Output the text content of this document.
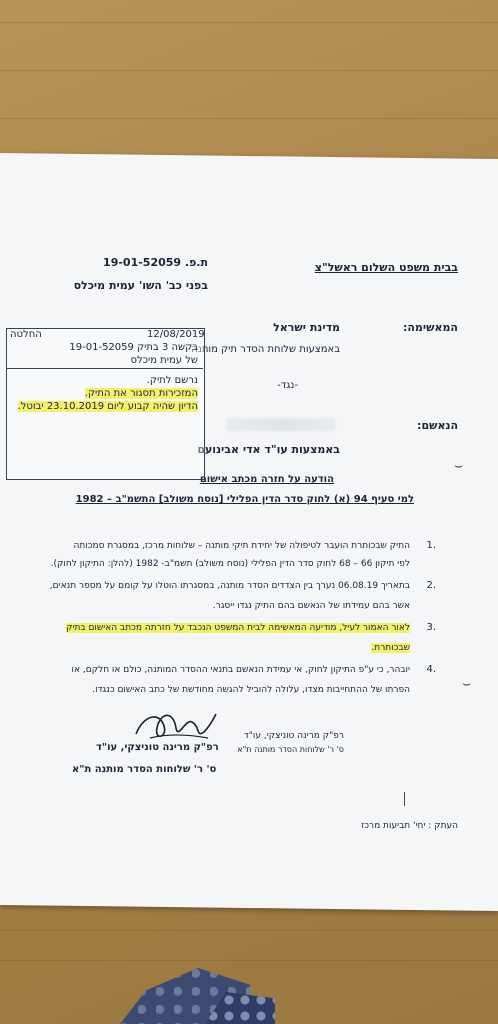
בבית משפט השלום ראשל"צ
ת.פ. 19-01-52059
בפני כב' השו' עמית מיכלס
המאשימה:
מדינת ישראל
באמצעות שלוחת הסדר תיק מותנה
-נגד-
הנאשם:
באמצעות עו"ד אדי אבינועם
החלטה	12/08/2019
בקשה 3 בתיק 19-01-52059
של עמית מיכלס
נרשם לתיק.
המזכירות תסגור את התיק.
הדיון שהיה קבוע ליום 23.10.2019 יבוטל.
הודעה על חזרה מכתב אישום
למי סעיף 94 (א) לחוק סדר הדין הפלילי [נוסח משולב] התשמ"ב – 1982
.1
התיק שבכותרת הועבר לטיפולה של יחידת תיקי מותנה – שלוחות מרכז, במסגרת סמכותה
לפי תיקון 66 – 68 לחוק סדר הדין הפלילי (נוסח משולב) תשמ"ב- 1982 (להלן: התיקון לחוק).
.2
בתאריך 06.08.19 נערך בין הצדדים הסדר מותנה, במסגרתו הוטלו על קומם על מספר תנאים,
אשר בהם עמידתו של הנאשם בהם התיק נגדו ייסגר.
.3
לאור האמור לעיל, מודיעה המאשימה לבית המשפט הנכבד על חזרתה מכתב האישום בתיק
שבכותרת.
.4
יובהר, כי ע"פ התיקון לחוק, אי עמידת הנאשם בתנאי ההסדר המותנה, כולם או חלקם, או
הפרתו של ההתחייבות מצדו, עלולה להוביל להגשה מחודשת של כתב האישום כנגדו.
רפ"ק מרינה טוניצקי, עו"ד
ס' ר' שלוחות הסדר מותנה ת"א
רפ"ק מרינה טוניצקי, עו"ד
ס' ר' שלוחות הסדר מותנה ת"א
העתק : יחי' תביעות מרכז
⌣
⌣
